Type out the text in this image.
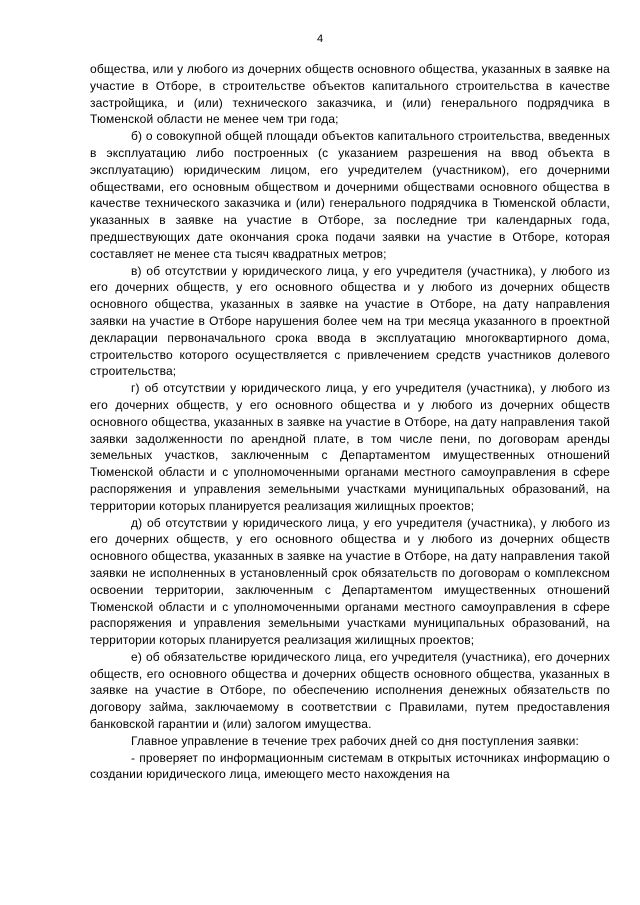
4

общества, или у любого из дочерних обществ основного общества, указанных в заявке на участие в Отборе, в строительстве объектов капитального строительства в качестве застройщика, и (или) технического заказчика, и (или) генерального подрядчика в Тюменской области не менее чем три года;

б) о совокупной общей площади объектов капитального строительства, введенных в эксплуатацию либо построенных (с указанием разрешения на ввод объекта в эксплуатацию) юридическим лицом, его учредителем (участником), его дочерними обществами, его основным обществом и дочерними обществами основного общества в качестве технического заказчика и (или) генерального подрядчика в Тюменской области, указанных в заявке на участие в Отборе, за последние три календарных года, предшествующих дате окончания срока подачи заявки на участие в Отборе, которая составляет не менее ста тысяч квадратных метров;

в) об отсутствии у юридического лица, у его учредителя (участника), у любого из его дочерних обществ, у его основного общества и у любого из дочерних обществ основного общества, указанных в заявке на участие в Отборе, на дату направления заявки на участие в Отборе нарушения более чем на три месяца указанного в проектной декларации первоначального срока ввода в эксплуатацию многоквартирного дома, строительство которого осуществляется с привлечением средств участников долевого строительства;

г) об отсутствии у юридического лица, у его учредителя (участника), у любого из его дочерних обществ, у его основного общества и у любого из дочерних обществ основного общества, указанных в заявке на участие в Отборе, на дату направления такой заявки задолженности по арендной плате, в том числе пени, по договорам аренды земельных участков, заключенным с Департаментом имущественных отношений Тюменской области и с уполномоченными органами местного самоуправления в сфере распоряжения и управления земельными участками муниципальных образований, на территории которых планируется реализация жилищных проектов;

д) об отсутствии у юридического лица, у его учредителя (участника), у любого из его дочерних обществ, у его основного общества и у любого из дочерних обществ основного общества, указанных в заявке на участие в Отборе, на дату направления такой заявки не исполненных в установленный срок обязательств по договорам о комплексном освоении территории, заключенным с Департаментом имущественных отношений Тюменской области и с уполномоченными органами местного самоуправления в сфере распоряжения и управления земельными участками муниципальных образований, на территории которых планируется реализация жилищных проектов;

е) об обязательстве юридического лица, его учредителя (участника), его дочерних обществ, его основного общества и дочерних обществ основного общества, указанных в заявке на участие в Отборе, по обеспечению исполнения денежных обязательств по договору займа, заключаемому в соответствии с Правилами, путем предоставления банковской гарантии и (или) залогом имущества.

Главное управление в течение трех рабочих дней со дня поступления заявки:

- проверяет по информационным системам в открытых источниках информацию о создании юридического лица, имеющего место нахождения на
